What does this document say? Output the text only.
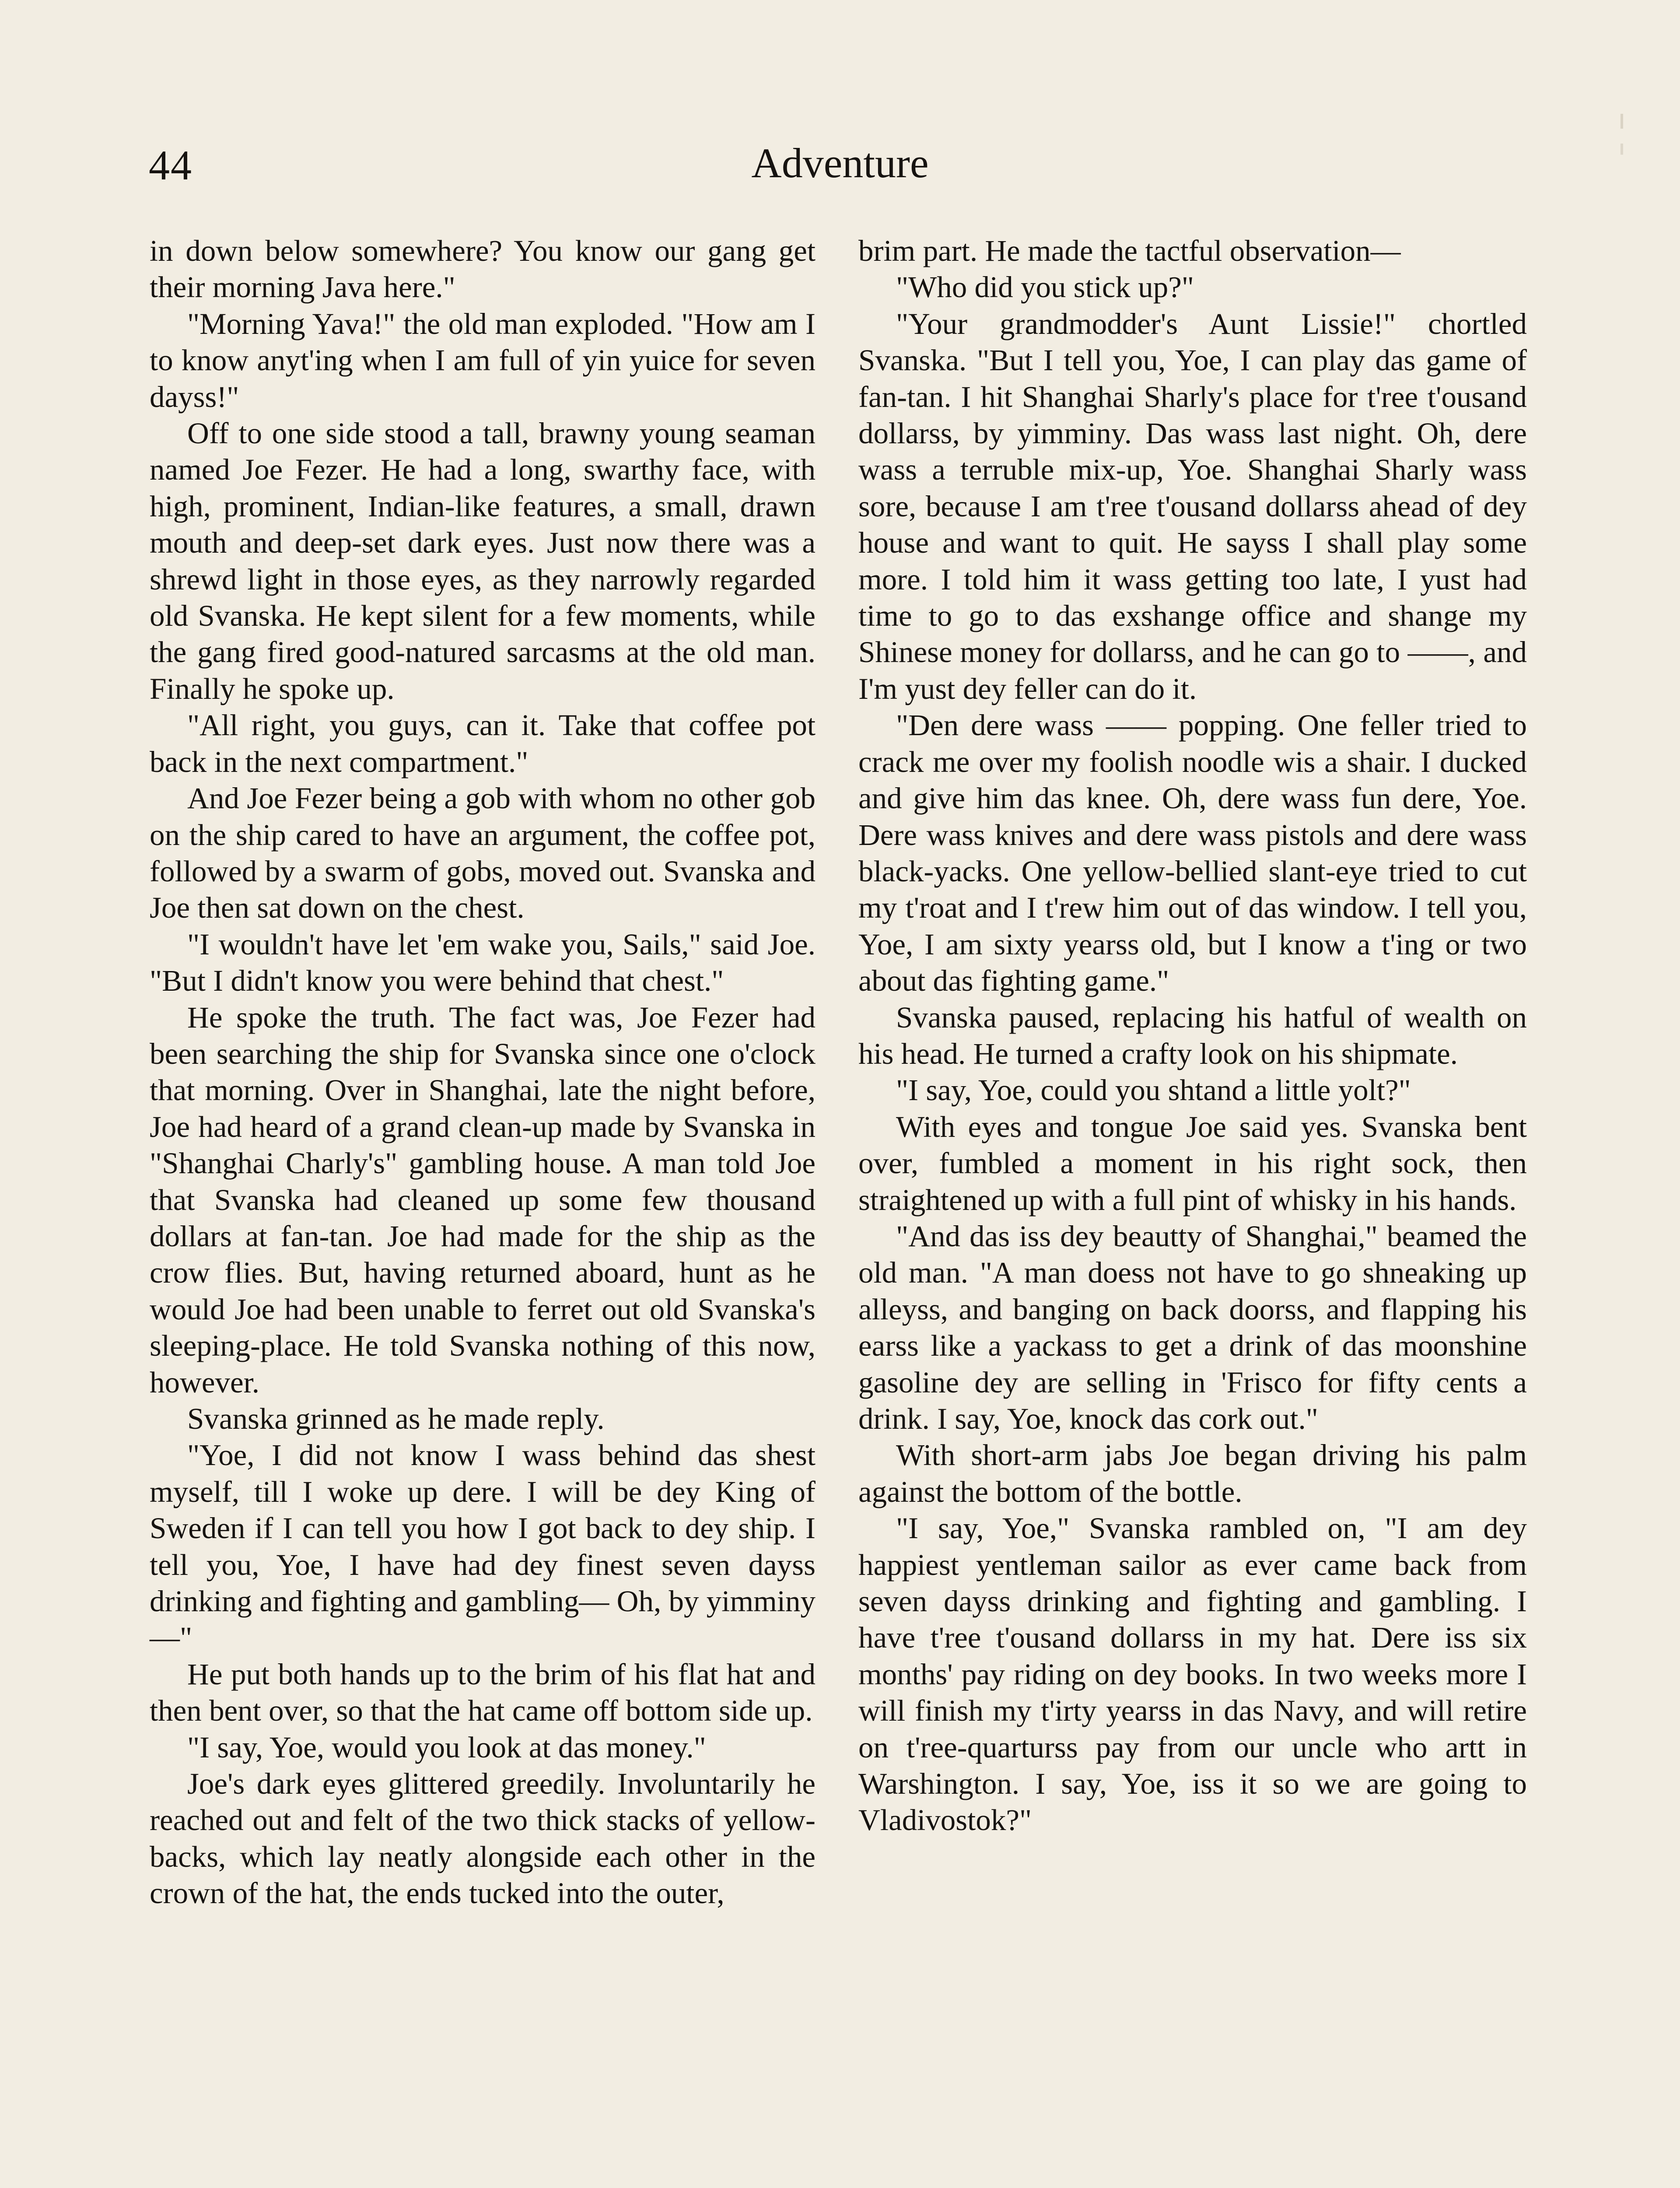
44	Adventure

in down below somewhere? You know our gang get their morning Java here."

"Morning Yava!" the old man exploded. "How am I to know anyt'ing when I am full of yin yuice for seven dayss!"

Off to one side stood a tall, brawny young seaman named Joe Fezer. He had a long, swarthy face, with high, prominent, Indian-like features, a small, drawn mouth and deep-set dark eyes. Just now there was a shrewd light in those eyes, as they narrowly regarded old Svanska. He kept silent for a few moments, while the gang fired good-natured sarcasms at the old man. Finally he spoke up.

"All right, you guys, can it. Take that coffee pot back in the next compartment."

And Joe Fezer being a gob with whom no other gob on the ship cared to have an argument, the coffee pot, followed by a swarm of gobs, moved out. Svanska and Joe then sat down on the chest.

"I wouldn't have let 'em wake you, Sails," said Joe. "But I didn't know you were behind that chest."

He spoke the truth. The fact was, Joe Fezer had been searching the ship for Svanska since one o'clock that morning. Over in Shanghai, late the night before, Joe had heard of a grand clean-up made by Svanska in "Shanghai Charly's" gambling house. A man told Joe that Svanska had cleaned up some few thousand dollars at fan-tan. Joe had made for the ship as the crow flies. But, having returned aboard, hunt as he would Joe had been unable to ferret out old Svanska's sleeping-place. He told Svanska nothing of this now, however.

Svanska grinned as he made reply.

"Yoe, I did not know I wass behind das shest myself, till I woke up dere. I will be dey King of Sweden if I can tell you how I got back to dey ship. I tell you, Yoe, I have had dey finest seven dayss drinking and fighting and gambling— Oh, by yimminy—"

He put both hands up to the brim of his flat hat and then bent over, so that the hat came off bottom side up.

"I say, Yoe, would you look at das money."

Joe's dark eyes glittered greedily. Involuntarily he reached out and felt of the two thick stacks of yellow-backs, which lay neatly alongside each other in the crown of the hat, the ends tucked into the outer,

brim part. He made the tactful observation—

"Who did you stick up?"

"Your grandmodder's Aunt Lissie!" chortled Svanska. "But I tell you, Yoe, I can play das game of fan-tan. I hit Shanghai Sharly's place for t'ree t'ousand dollarss, by yimminy. Das wass last night. Oh, dere wass a terruble mix-up, Yoe. Shanghai Sharly wass sore, because I am t'ree t'ousand dollarss ahead of dey house and want to quit. He sayss I shall play some more. I told him it wass getting too late, I yust had time to go to das exshange office and shange my Shinese money for dollarss, and he can go to ——, and I'm yust dey feller can do it.

"Den dere wass —— popping. One feller tried to crack me over my foolish noodle wis a shair. I ducked and give him das knee. Oh, dere wass fun dere, Yoe. Dere wass knives and dere wass pistols and dere wass black-yacks. One yellow-bellied slant-eye tried to cut my t'roat and I t'rew him out of das window. I tell you, Yoe, I am sixty yearss old, but I know a t'ing or two about das fighting game."

Svanska paused, replacing his hatful of wealth on his head. He turned a crafty look on his shipmate.

"I say, Yoe, could you shtand a little yolt?"

With eyes and tongue Joe said yes. Svanska bent over, fumbled a moment in his right sock, then straightened up with a full pint of whisky in his hands.

"And das iss dey beautty of Shanghai," beamed the old man. "A man doess not have to go shneaking up alleyss, and banging on back doorss, and flapping his earss like a yackass to get a drink of das moonshine gasoline dey are selling in 'Frisco for fifty cents a drink. I say, Yoe, knock das cork out."

With short-arm jabs Joe began driving his palm against the bottom of the bottle.

"I say, Yoe," Svanska rambled on, "I am dey happiest yentleman sailor as ever came back from seven dayss drinking and fighting and gambling. I have t'ree t'ousand dollarss in my hat. Dere iss six months' pay riding on dey books. In two weeks more I will finish my t'irty yearss in das Navy, and will retire on t'ree-quarturss pay from our uncle who artt in Warshington. I say, Yoe, iss it so we are going to Vladivostok?"
